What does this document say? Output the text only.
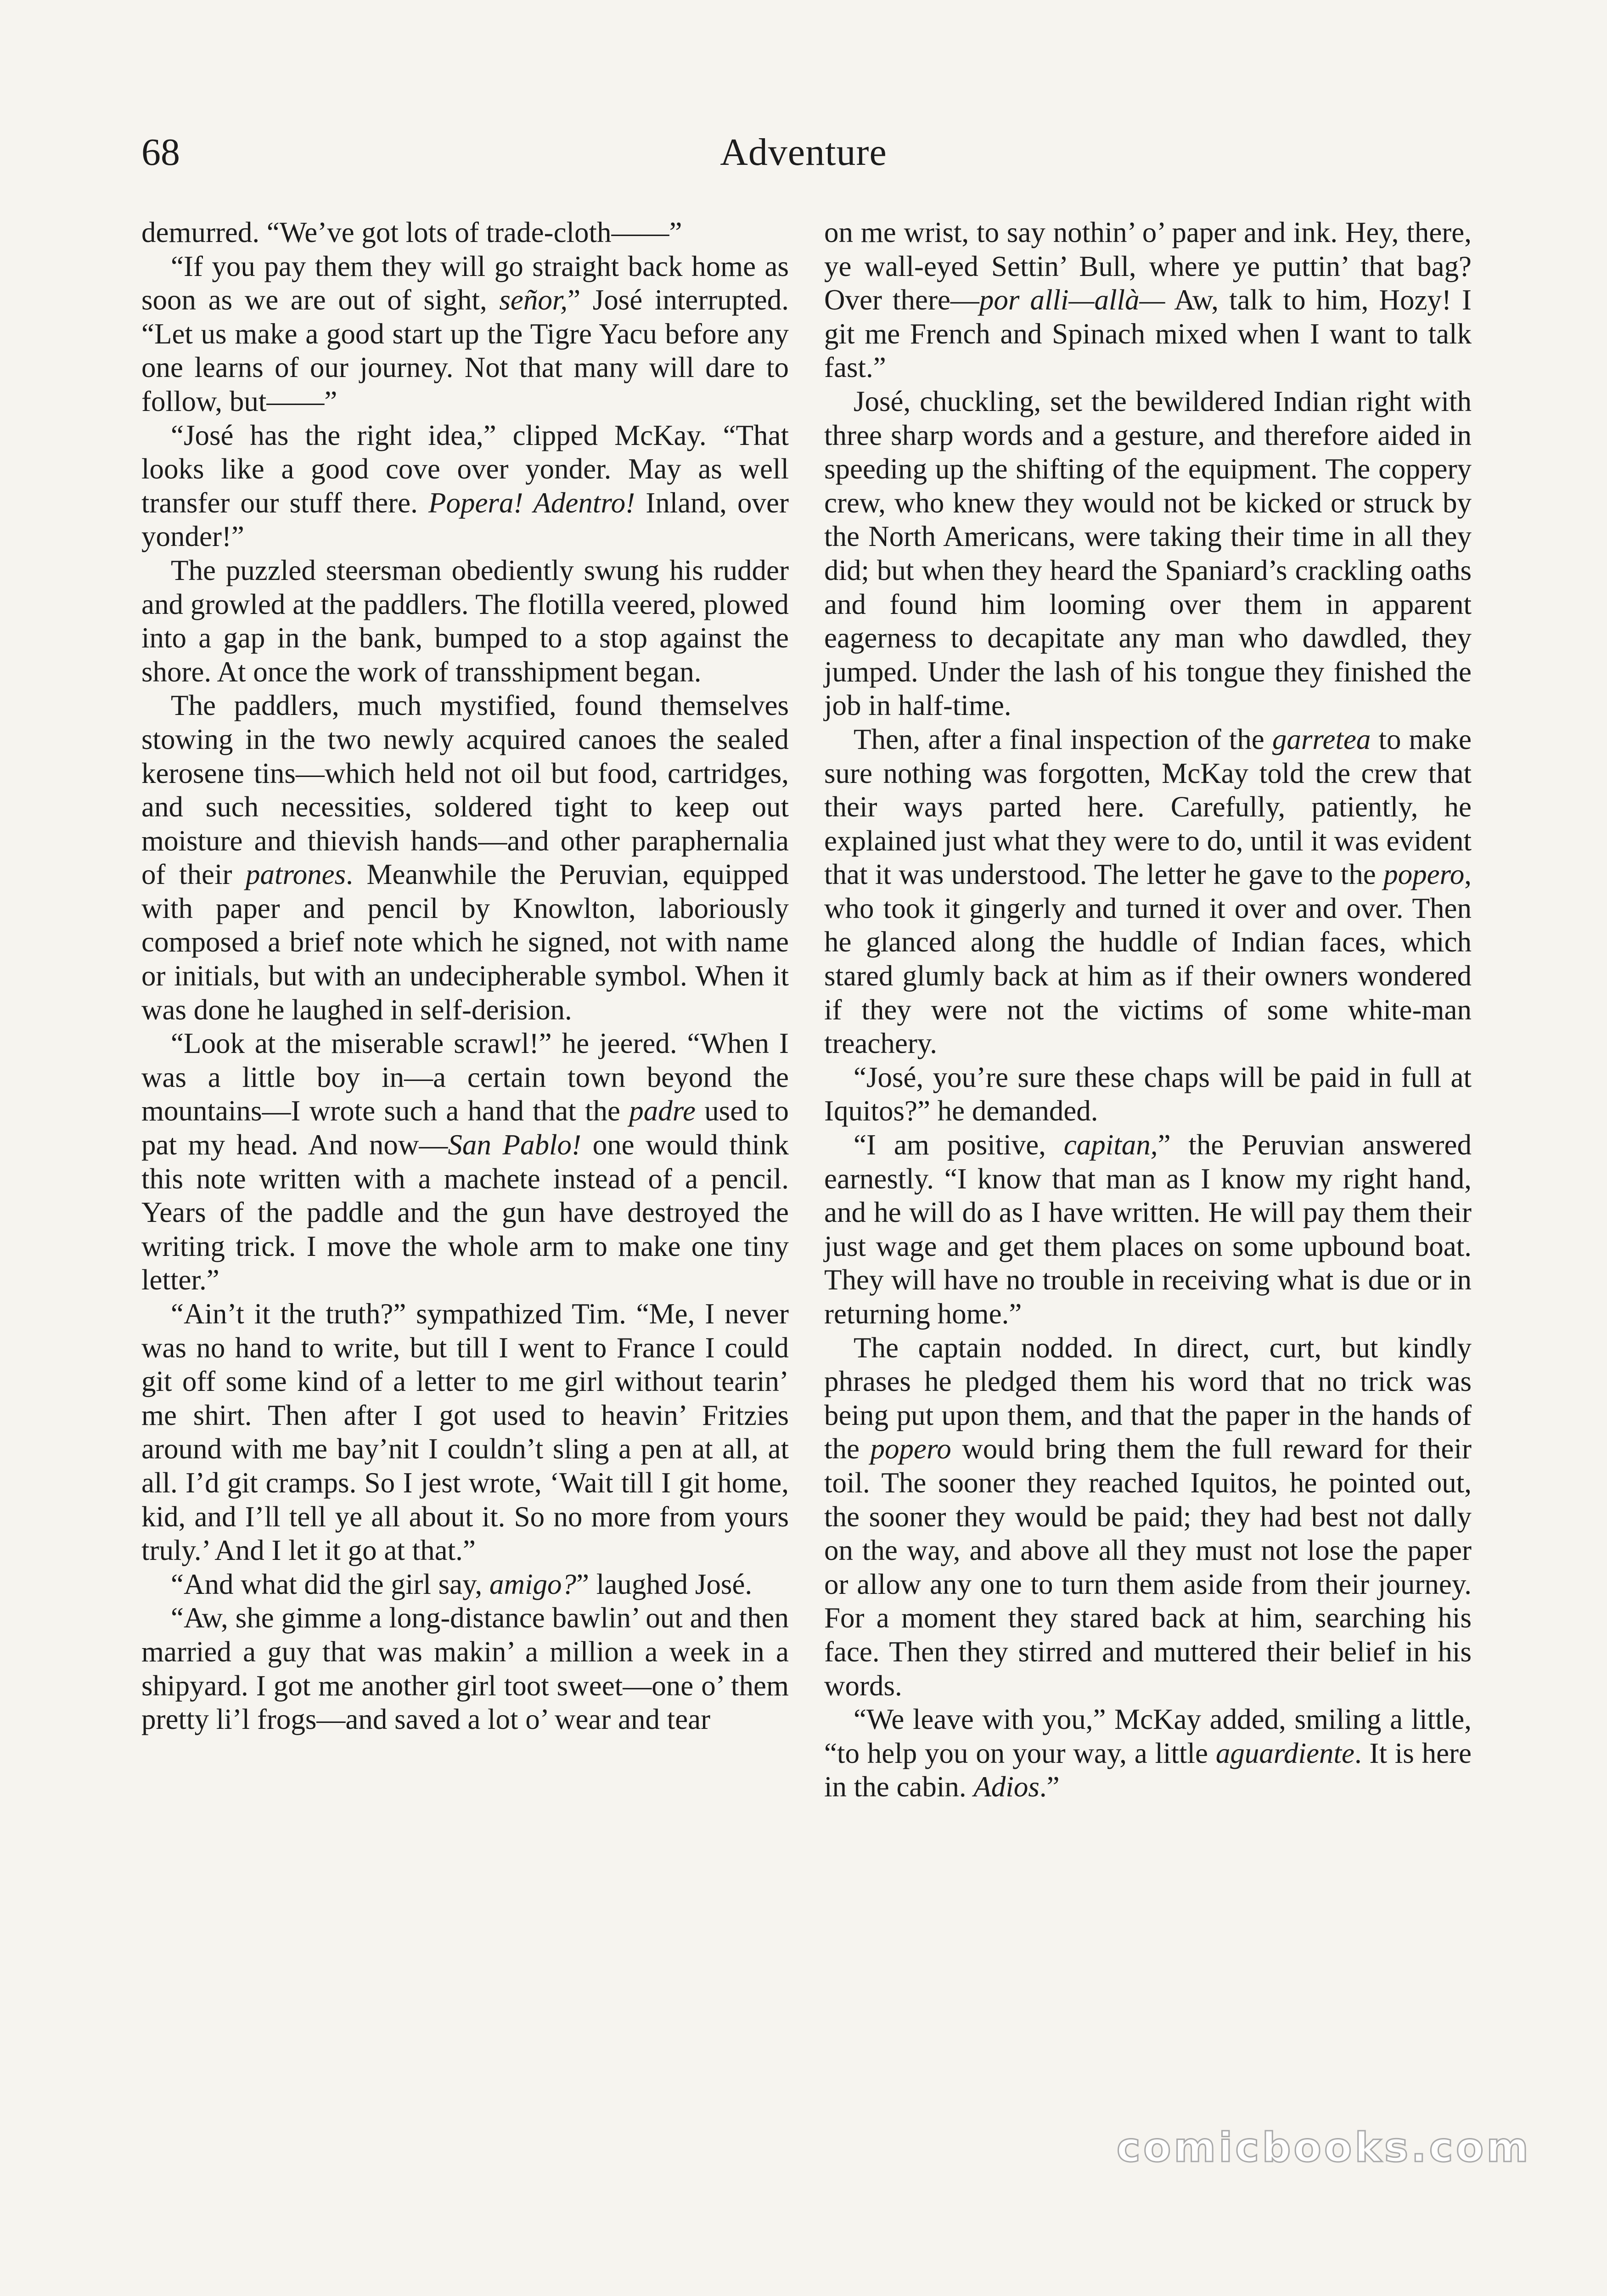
68	Adventure

demurred. “We’ve got lots of trade-cloth——”

“If you pay them they will go straight back home as soon as we are out of sight, señor,” José interrupted. “Let us make a good start up the Tigre Yacu before any one learns of our journey. Not that many will dare to follow, but——”

“José has the right idea,” clipped McKay. “That looks like a good cove over yonder. May as well transfer our stuff there. Popera! Adentro! Inland, over yonder!”

The puzzled steersman obediently swung his rudder and growled at the paddlers. The flotilla veered, plowed into a gap in the bank, bumped to a stop against the shore. At once the work of transshipment began.

The paddlers, much mystified, found themselves stowing in the two newly acquired canoes the sealed kerosene tins—which held not oil but food, cartridges, and such necessities, soldered tight to keep out moisture and thievish hands—and other paraphernalia of their patrones. Meanwhile the Peruvian, equipped with paper and pencil by Knowlton, laboriously composed a brief note which he signed, not with name or initials, but with an undecipherable symbol. When it was done he laughed in self-derision.

“Look at the miserable scrawl!” he jeered. “When I was a little boy in—a certain town beyond the mountains—I wrote such a hand that the padre used to pat my head. And now—San Pablo! one would think this note written with a machete instead of a pencil. Years of the paddle and the gun have destroyed the writing trick. I move the whole arm to make one tiny letter.”

“Ain’t it the truth?” sympathized Tim. “Me, I never was no hand to write, but till I went to France I could git off some kind of a letter to me girl without tearin’ me shirt. Then after I got used to heavin’ Fritzies around with me bay’nit I couldn’t sling a pen at all, at all. I’d git cramps. So I jest wrote, ‘Wait till I git home, kid, and I’ll tell ye all about it. So no more from yours truly.’ And I let it go at that.”

“And what did the girl say, amigo?” laughed José.

“Aw, she gimme a long-distance bawlin’ out and then married a guy that was makin’ a million a week in a shipyard. I got me another girl toot sweet—one o’ them pretty li’l frogs—and saved a lot o’ wear and tear

on me wrist, to say nothin’ o’ paper and ink. Hey, there, ye wall-eyed Settin’ Bull, where ye puttin’ that bag? Over there—por alli—allà— Aw, talk to him, Hozy! I git me French and Spinach mixed when I want to talk fast.”

José, chuckling, set the bewildered Indian right with three sharp words and a gesture, and therefore aided in speeding up the shifting of the equipment. The coppery crew, who knew they would not be kicked or struck by the North Americans, were taking their time in all they did; but when they heard the Spaniard’s crackling oaths and found him looming over them in apparent eagerness to decapitate any man who dawdled, they jumped. Under the lash of his tongue they finished the job in half-time.

Then, after a final inspection of the garretea to make sure nothing was forgotten, McKay told the crew that their ways parted here. Carefully, patiently, he explained just what they were to do, until it was evident that it was understood. The letter he gave to the popero, who took it gingerly and turned it over and over. Then he glanced along the huddle of Indian faces, which stared glumly back at him as if their owners wondered if they were not the victims of some white-man treachery.

“José, you’re sure these chaps will be paid in full at Iquitos?” he demanded.

“I am positive, capitan,” the Peruvian answered earnestly. “I know that man as I know my right hand, and he will do as I have written. He will pay them their just wage and get them places on some upbound boat. They will have no trouble in receiving what is due or in returning home.”

The captain nodded. In direct, curt, but kindly phrases he pledged them his word that no trick was being put upon them, and that the paper in the hands of the popero would bring them the full reward for their toil. The sooner they reached Iquitos, he pointed out, the sooner they would be paid; they had best not dally on the way, and above all they must not lose the paper or allow any one to turn them aside from their journey. For a moment they stared back at him, searching his face. Then they stirred and muttered their belief in his words.

“We leave with you,” McKay added, smiling a little, “to help you on your way, a little aguardiente. It is here in the cabin. Adios.”

comicbooks.com
